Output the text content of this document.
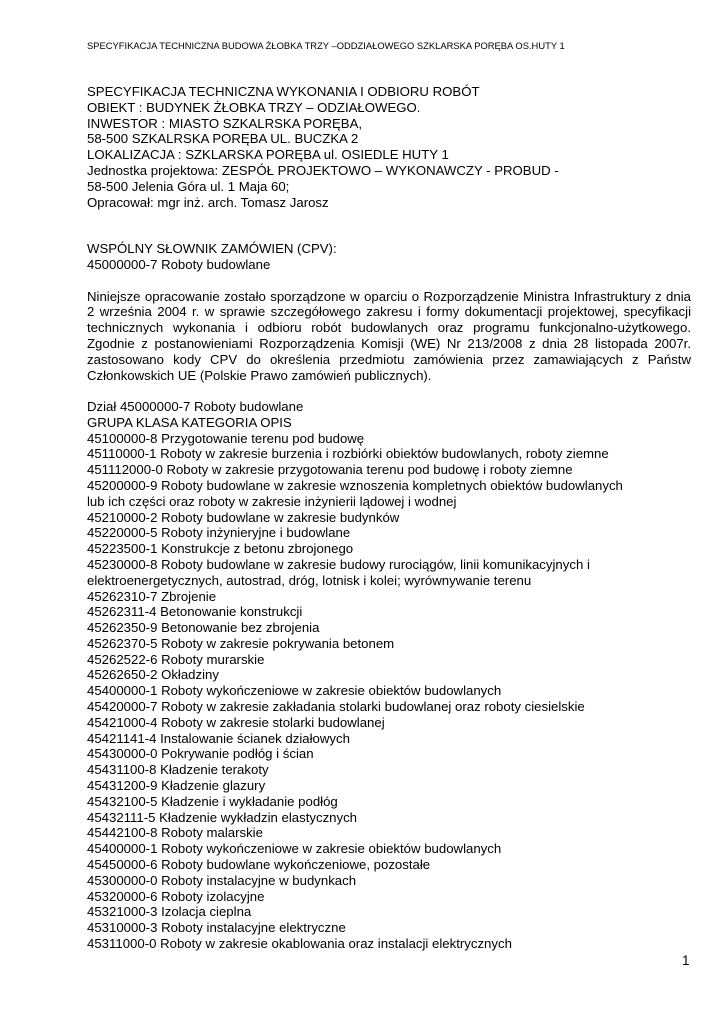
SPECYFIKACJA TECHNICZNA BUDOWA ŻŁOBKA TRZY –ODDZIAŁOWEGO SZKLARSKA PORĘBA OS.HUTY 1
SPECYFIKACJA TECHNICZNA WYKONANIA I ODBIORU ROBÓT
OBIEKT : BUDYNEK ŻŁOBKA TRZY – ODZIAŁOWEGO.
INWESTOR : MIASTO SZKALRSKA PORĘBA,
58-500 SZKALRSKA PORĘBA UL. BUCZKA 2
LOKALIZACJA : SZKLARSKA PORĘBA ul. OSIEDLE HUTY 1
Jednostka projektowa: ZESPÓŁ PROJEKTOWO – WYKONAWCZY - PROBUD -
58-500 Jelenia Góra ul. 1 Maja 60;
Opracował: mgr inż. arch. Tomasz Jarosz
WSPÓLNY SŁOWNIK ZAMÓWIEN (CPV):
45000000-7 Roboty budowlane
Niniejsze opracowanie zostało sporządzone w oparciu o Rozporządzenie Ministra Infrastruktury z dnia
2 września 2004 r. w sprawie szczegółowego zakresu i formy dokumentacji projektowej, specyfikacji
technicznych wykonania i odbioru robót budowlanych oraz programu funkcjonalno-użytkowego.
Zgodnie z postanowieniami Rozporządzenia Komisji (WE) Nr 213/2008 z dnia 28 listopada 2007r.
zastosowano kody CPV do określenia przedmiotu zamówienia przez zamawiających z Państw
Członkowskich UE (Polskie Prawo zamówień publicznych).
Dział 45000000-7 Roboty budowlane
GRUPA KLASA KATEGORIA OPIS
45100000-8 Przygotowanie terenu pod budowę
45110000-1 Roboty w zakresie burzenia i rozbiórki obiektów budowlanych, roboty ziemne
451112000-0 Roboty w zakresie przygotowania terenu pod budowę i roboty ziemne
45200000-9 Roboty budowlane w zakresie wznoszenia kompletnych obiektów budowlanych
lub ich części oraz roboty w zakresie inżynierii lądowej i wodnej
45210000-2 Roboty budowlane w zakresie budynków
45220000-5 Roboty inżynieryjne i budowlane
45223500-1 Konstrukcje z betonu zbrojonego
45230000-8 Roboty budowlane w zakresie budowy rurociągów, linii komunikacyjnych i
elektroenergetycznych, autostrad, dróg, lotnisk i kolei; wyrównywanie terenu
45262310-7 Zbrojenie
45262311-4 Betonowanie konstrukcji
45262350-9 Betonowanie bez zbrojenia
45262370-5 Roboty w zakresie pokrywania betonem
45262522-6 Roboty murarskie
45262650-2 Okładziny
45400000-1 Roboty wykończeniowe w zakresie obiektów budowlanych
45420000-7 Roboty w zakresie zakładania stolarki budowlanej oraz roboty ciesielskie
45421000-4 Roboty w zakresie stolarki budowlanej
45421141-4 Instalowanie ścianek działowych
45430000-0 Pokrywanie podłóg i ścian
45431100-8 Kładzenie terakoty
45431200-9 Kładzenie glazury
45432100-5 Kładzenie i wykładanie podłóg
45432111-5 Kładzenie wykładzin elastycznych
45442100-8 Roboty malarskie
45400000-1 Roboty wykończeniowe w zakresie obiektów budowlanych
45450000-6 Roboty budowlane wykończeniowe, pozostałe
45300000-0 Roboty instalacyjne w budynkach
45320000-6 Roboty izolacyjne
45321000-3 Izolacja cieplna
45310000-3 Roboty instalacyjne elektryczne
45311000-0 Roboty w zakresie okablowania oraz instalacji elektrycznych
1
